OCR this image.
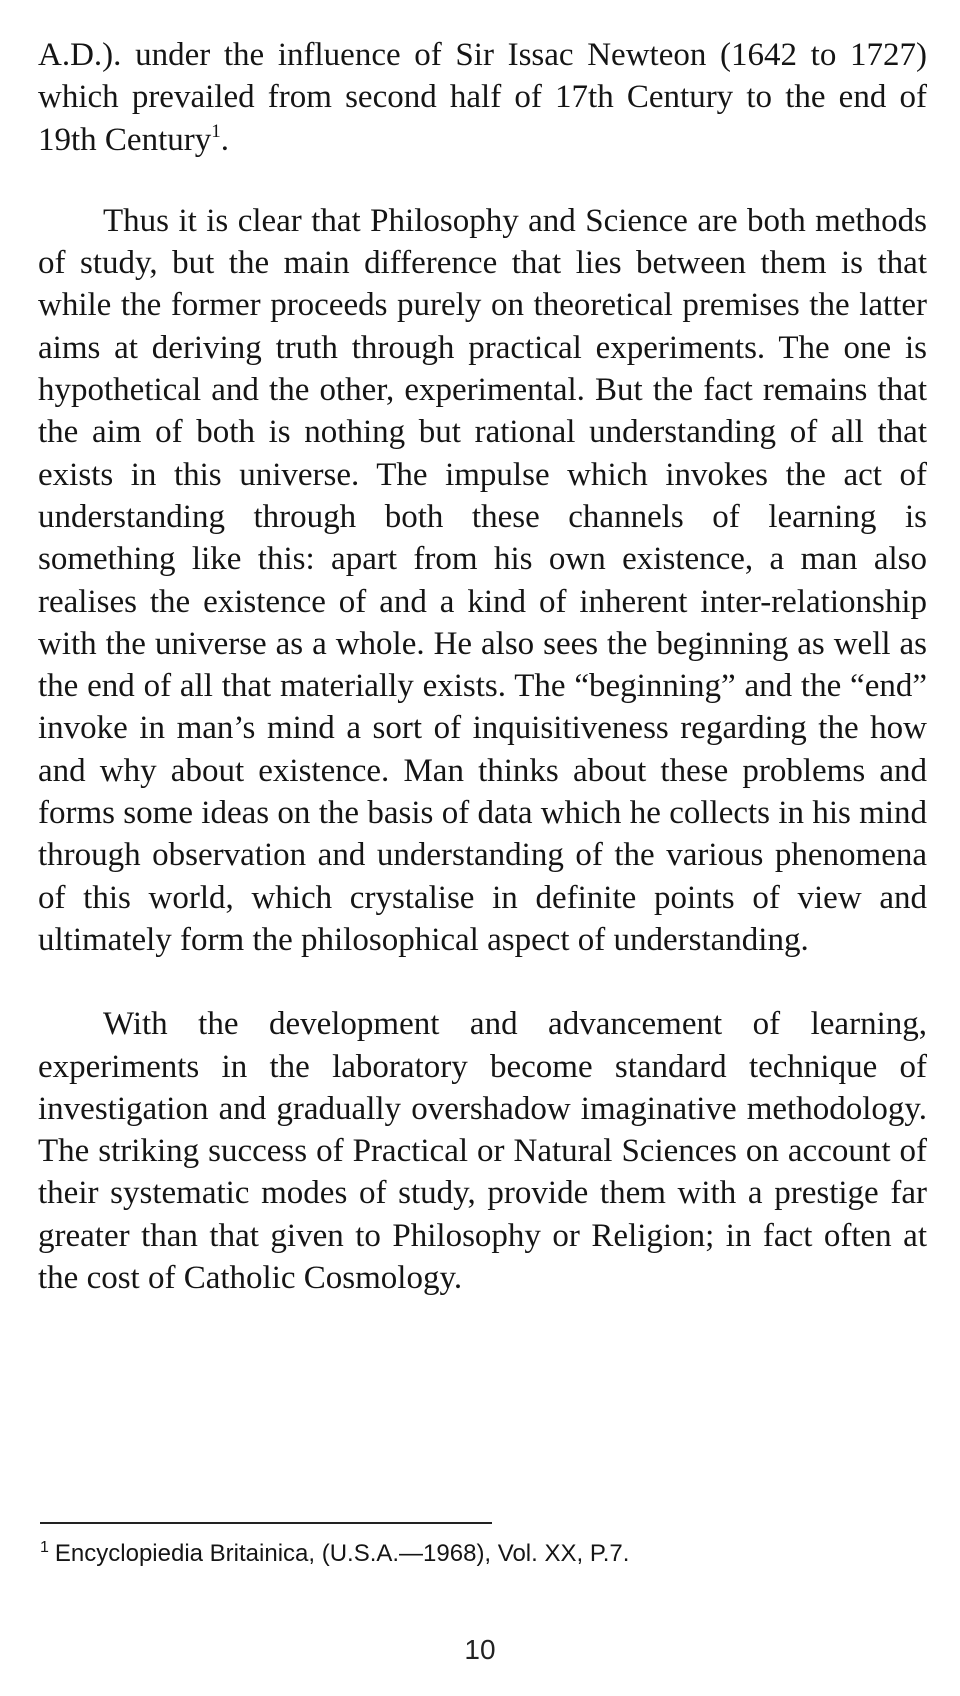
A.D.). under the influence of Sir Issac Newteon (1642 to 1727) which prevailed from second half of 17th Century to the end of 19th Century$^1$.

Thus it is clear that Philosophy and Science are both methods of study, but the main difference that lies between them is that while the former proceeds purely on theoretical premises the latter aims at deriving truth through practical experiments. The one is hypothetical and the other, experimental. But the fact remains that the aim of both is nothing but rational understanding of all that exists in this universe. The impulse which invokes the act of understanding through both these channels of learning is something like this: apart from his own existence, a man also realises the existence of and a kind of inherent inter-relationship with the universe as a whole. He also sees the beginning as well as the end of all that materially exists. The “beginning” and the “end” invoke in man’s mind a sort of inquisitiveness regarding the how and why about existence. Man thinks about these problems and forms some ideas on the basis of data which he collects in his mind through observation and understanding of the various phenomena of this world, which crystalise in definite points of view and ultimately form the philosophical aspect of understanding.

With the development and advancement of learning, experiments in the laboratory become standard technique of investigation and gradually overshadow imaginative methodology. The striking success of Practical or Natural Sciences on account of their systematic modes of study, provide them with a prestige far greater than that given to Philosophy or Religion; in fact often at the cost of Catholic Cosmology.

$^1$ Encyclopiedia Britainica, (U.S.A.—1968), Vol. XX, P.7.
10
